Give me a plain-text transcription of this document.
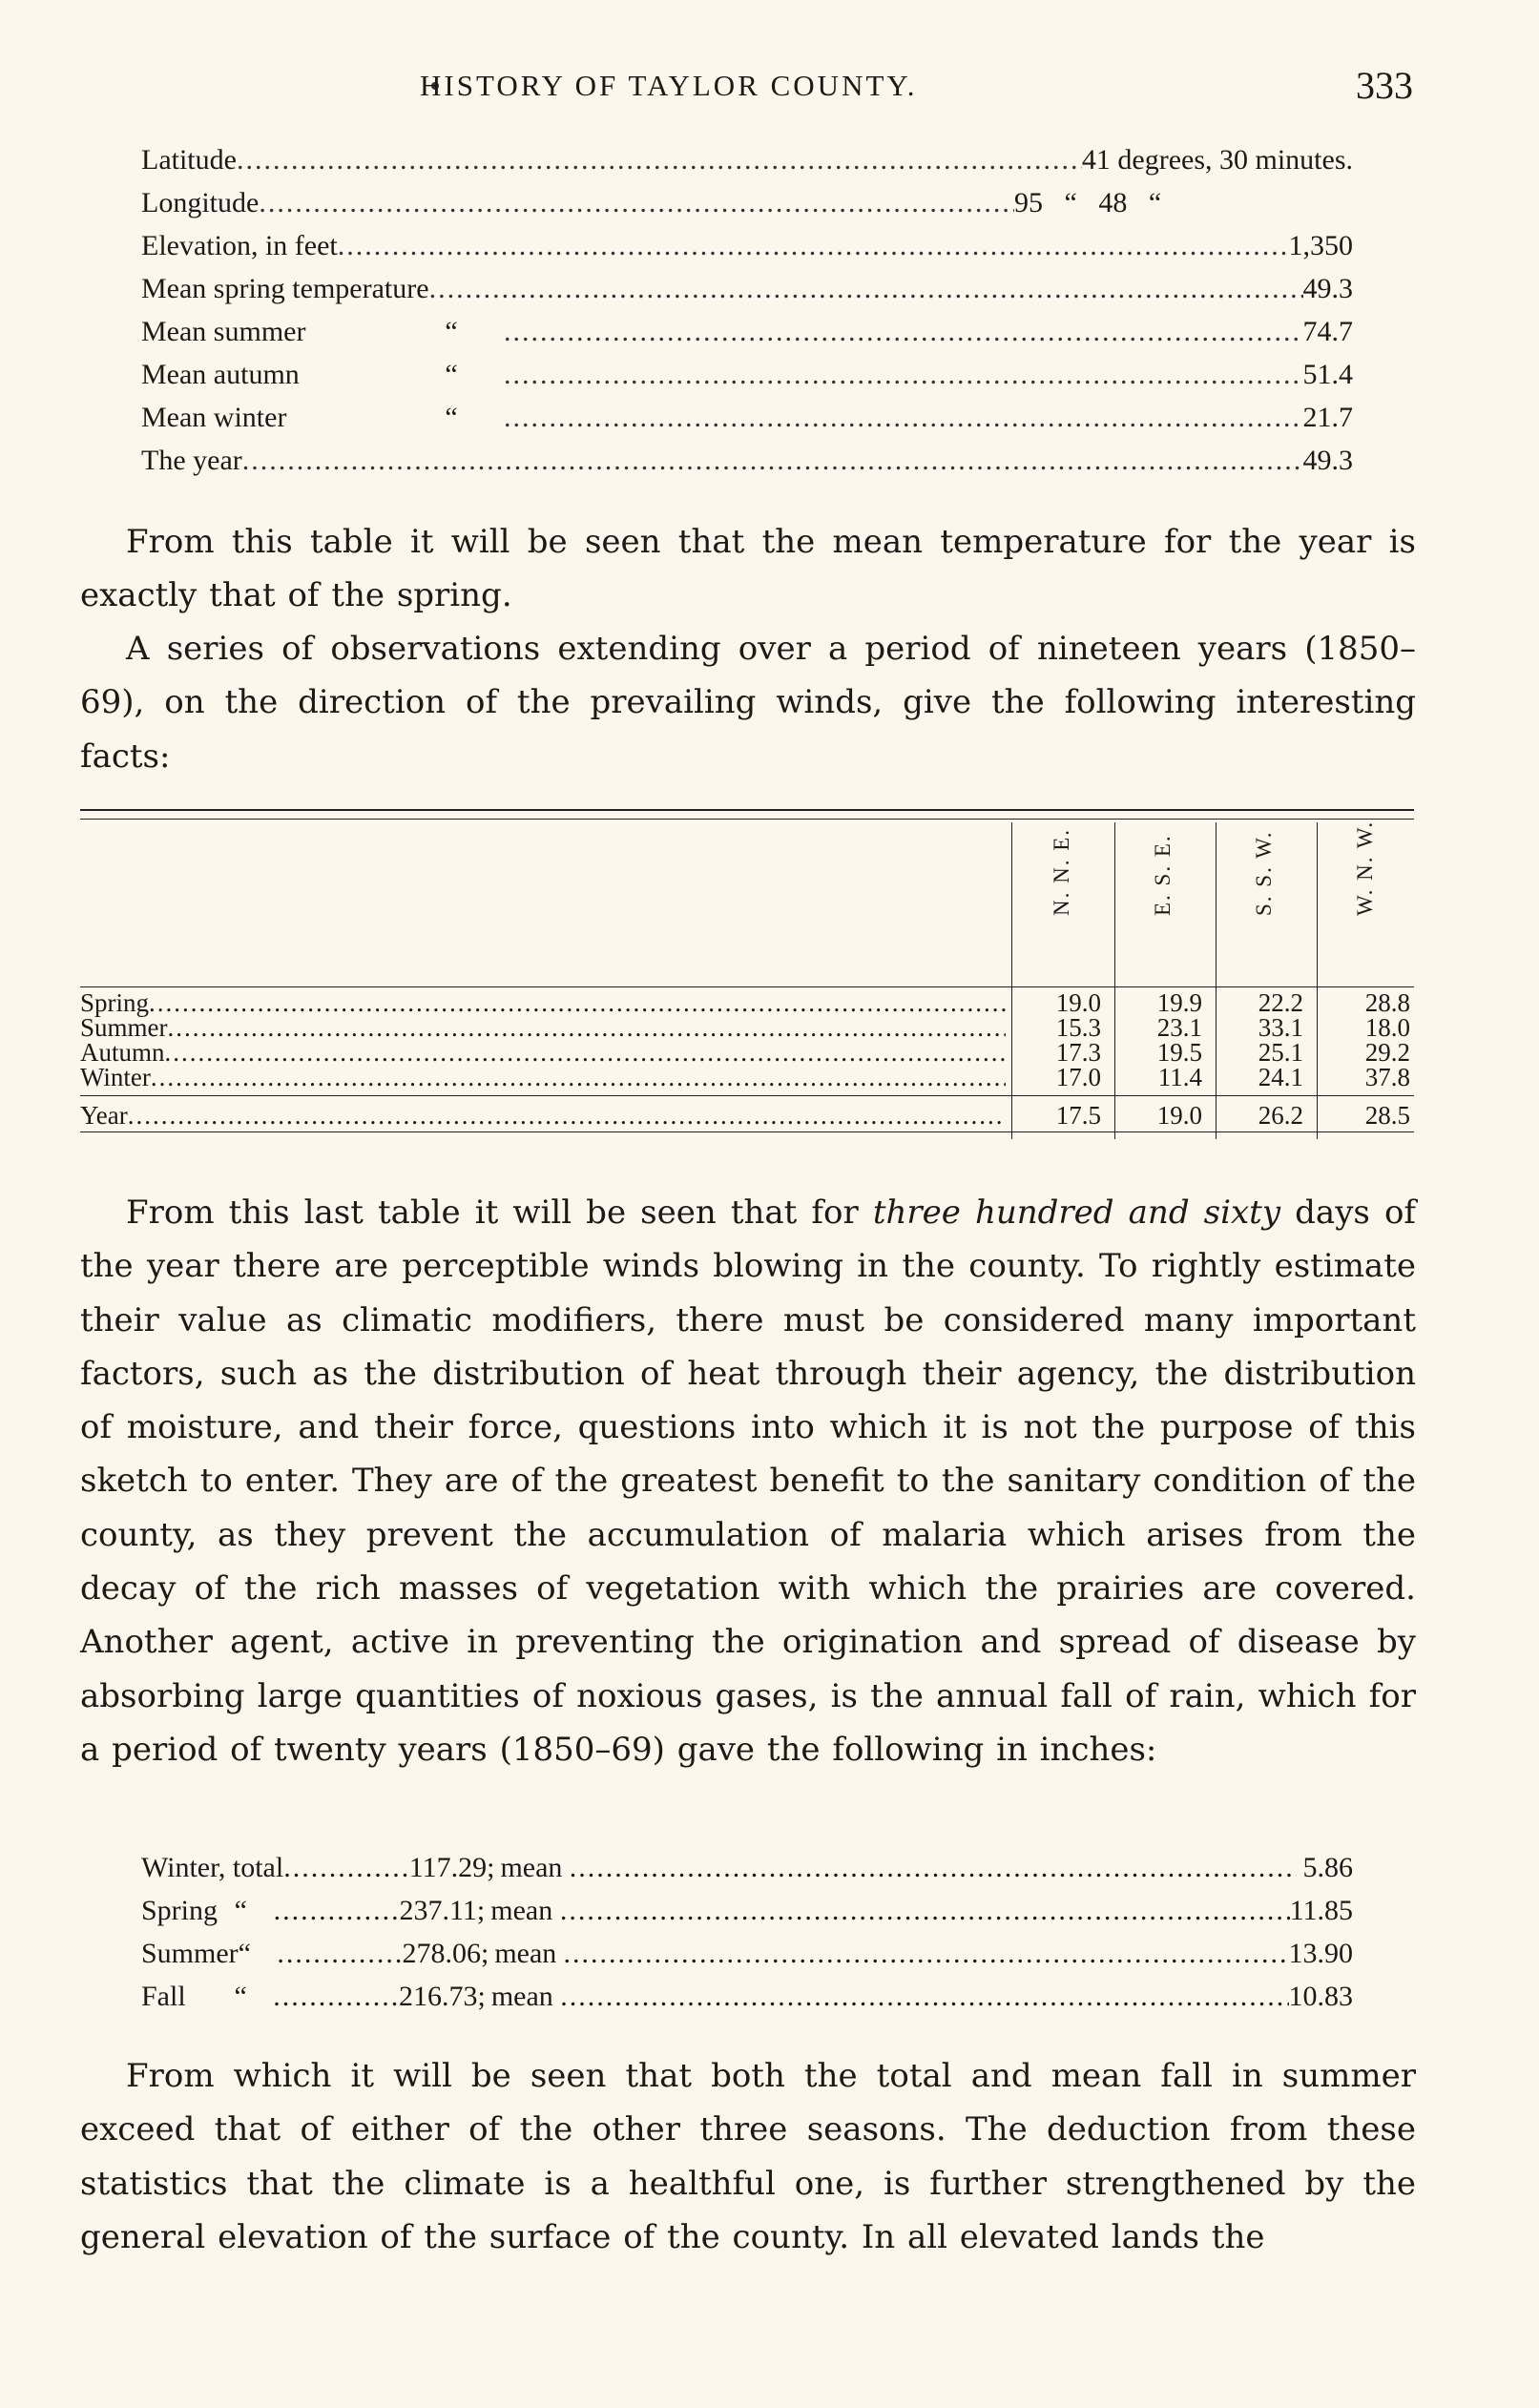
HISTORY OF TAYLOR COUNTY.	333
Latitude .....	41 degrees, 30 minutes.
Longitude .....	95   “   48   “
Elevation, in feet .....	1,350
Mean spring temperature .....	49.3
Mean summer	“ .....	74.7
Mean autumn	“ .....	51.4
Mean winter	“ .....	21.7
The year .....	49.3
From this table it will be seen that the mean temperature for the year is exactly that of the spring.
A series of observations extending over a period of nineteen years (1850–69), on the direction of the prevailing winds, give the following interesting facts:
N. N. E.	E. S. E.	S. S. W.	W. N. W.
Spring .....	19.0	19.9	22.2	28.8
Summer .....	15.3	23.1	33.1	18.0
Autumn .....	17.3	19.5	25.1	29.2
Winter .....	17.0	11.4	24.1	37.8
Year .....	17.5	19.0	26.2	28.5
From this last table it will be seen that for three hundred and sixty days of the year there are perceptible winds blowing in the county. To rightly estimate their value as climatic modifiers, there must be considered many important factors, such as the distribution of heat through their agency, the distribution of moisture, and their force, questions into which it is not the purpose of this sketch to enter. They are of the greatest benefit to the sanitary condition of the county, as they prevent the accumulation of malaria which arises from the decay of the rich masses of vegetation with which the prairies are covered. Another agent, active in preventing the origination and spread of disease by absorbing large quantities of noxious gases, is the annual fall of rain, which for a period of twenty years (1850–69) gave the following in inches:
Winter, total .....	117.29; mean .....	5.86
Spring “ .....	237.11; mean .....	11.85
Summer “ .....	278.06; mean .....	13.90
Fall	“ .....	216.73; mean .....	10.83
From which it will be seen that both the total and mean fall in summer exceed that of either of the other three seasons. The deduction from these statistics that the climate is a healthful one, is further strengthened by the general elevation of the surface of the county. In all elevated lands the
